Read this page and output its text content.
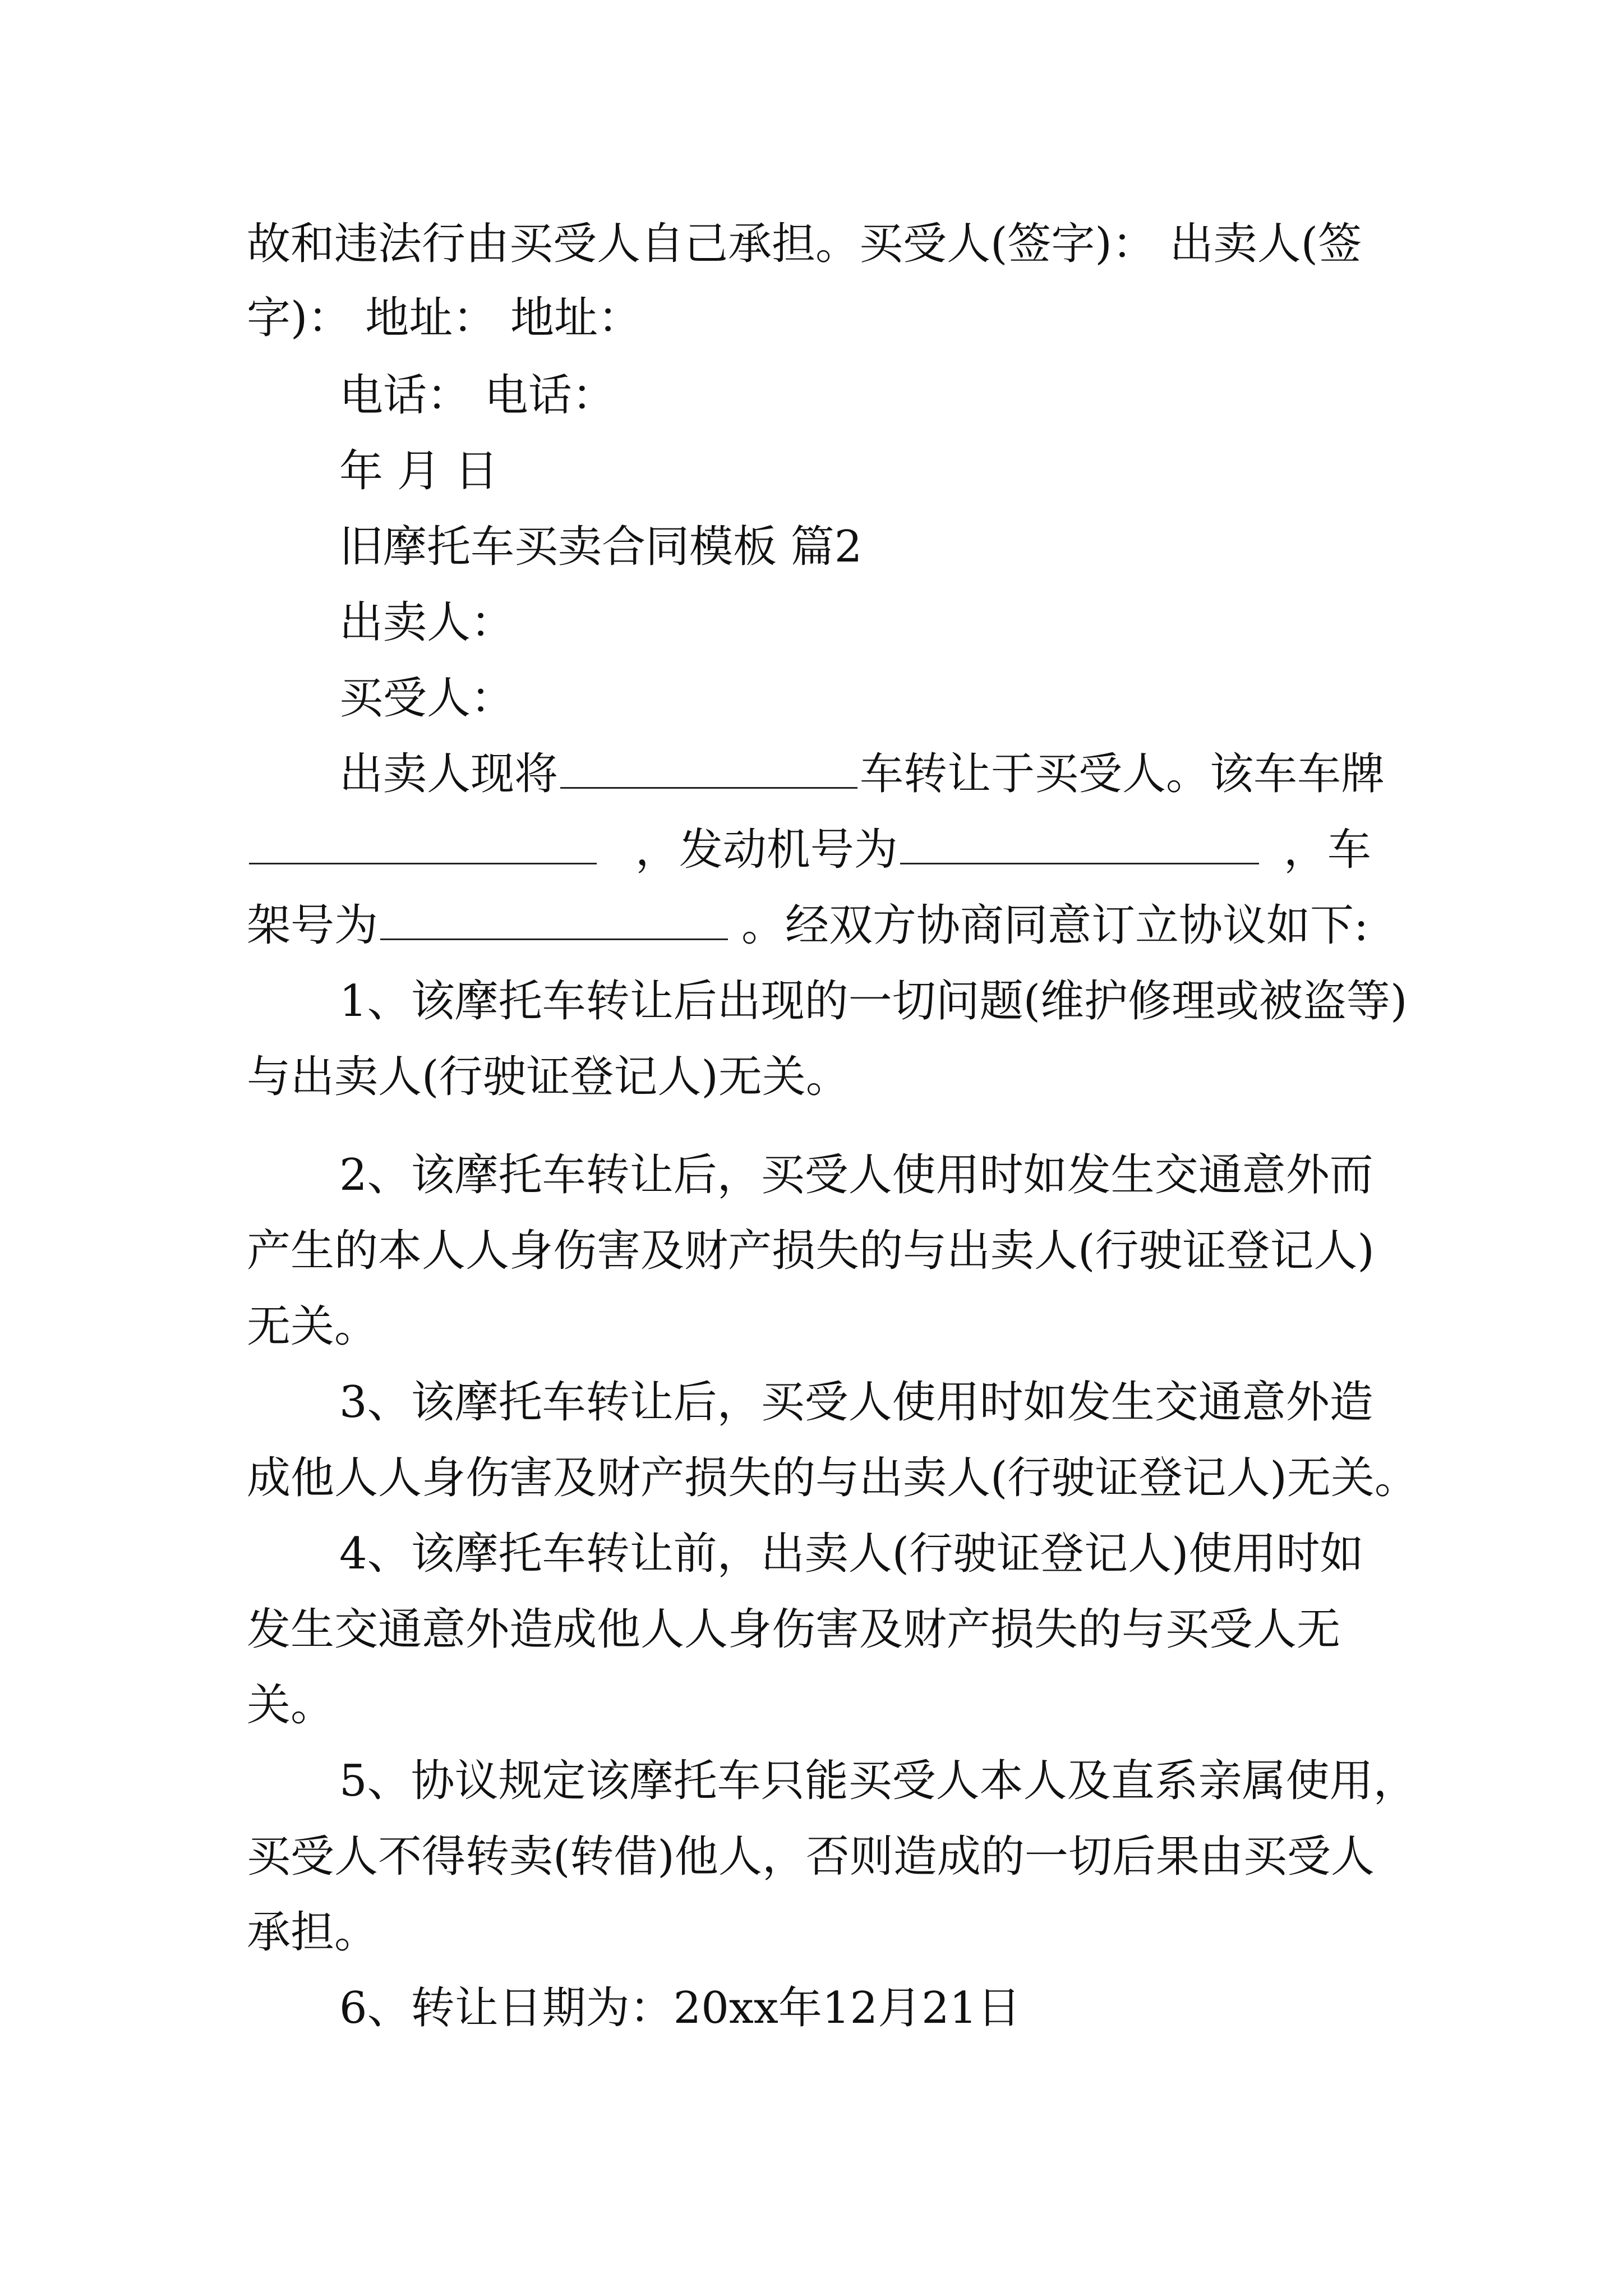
故和违法行由买受人自己承担。买受人(签字)： 出卖人(签
字)： 地址： 地址：
电话： 电话：
年 月 日
旧摩托车买卖合同模板 篇2
出卖人：
买受人：
出卖人现将	车转让于买受人。该车车牌
，发动机号为	，车
架号为	。经双方协商同意订立协议如下:
1、该摩托车转让后出现的一切问题(维护修理或被盗等)
与出卖人(行驶证登记人)无关。
2、该摩托车转让后，买受人使用时如发生交通意外而
产生的本人人身伤害及财产损失的与出卖人(行驶证登记人)
无关。
3、该摩托车转让后，买受人使用时如发生交通意外造
成他人人身伤害及财产损失的与出卖人(行驶证登记人)无关。
4、该摩托车转让前，出卖人(行驶证登记人)使用时如
发生交通意外造成他人人身伤害及财产损失的与买受人无
关。
5、协议规定该摩托车只能买受人本人及直系亲属使用，
买受人不得转卖(转借)他人，否则造成的一切后果由买受人
承担。
6、转让日期为：20xx年12月21日
